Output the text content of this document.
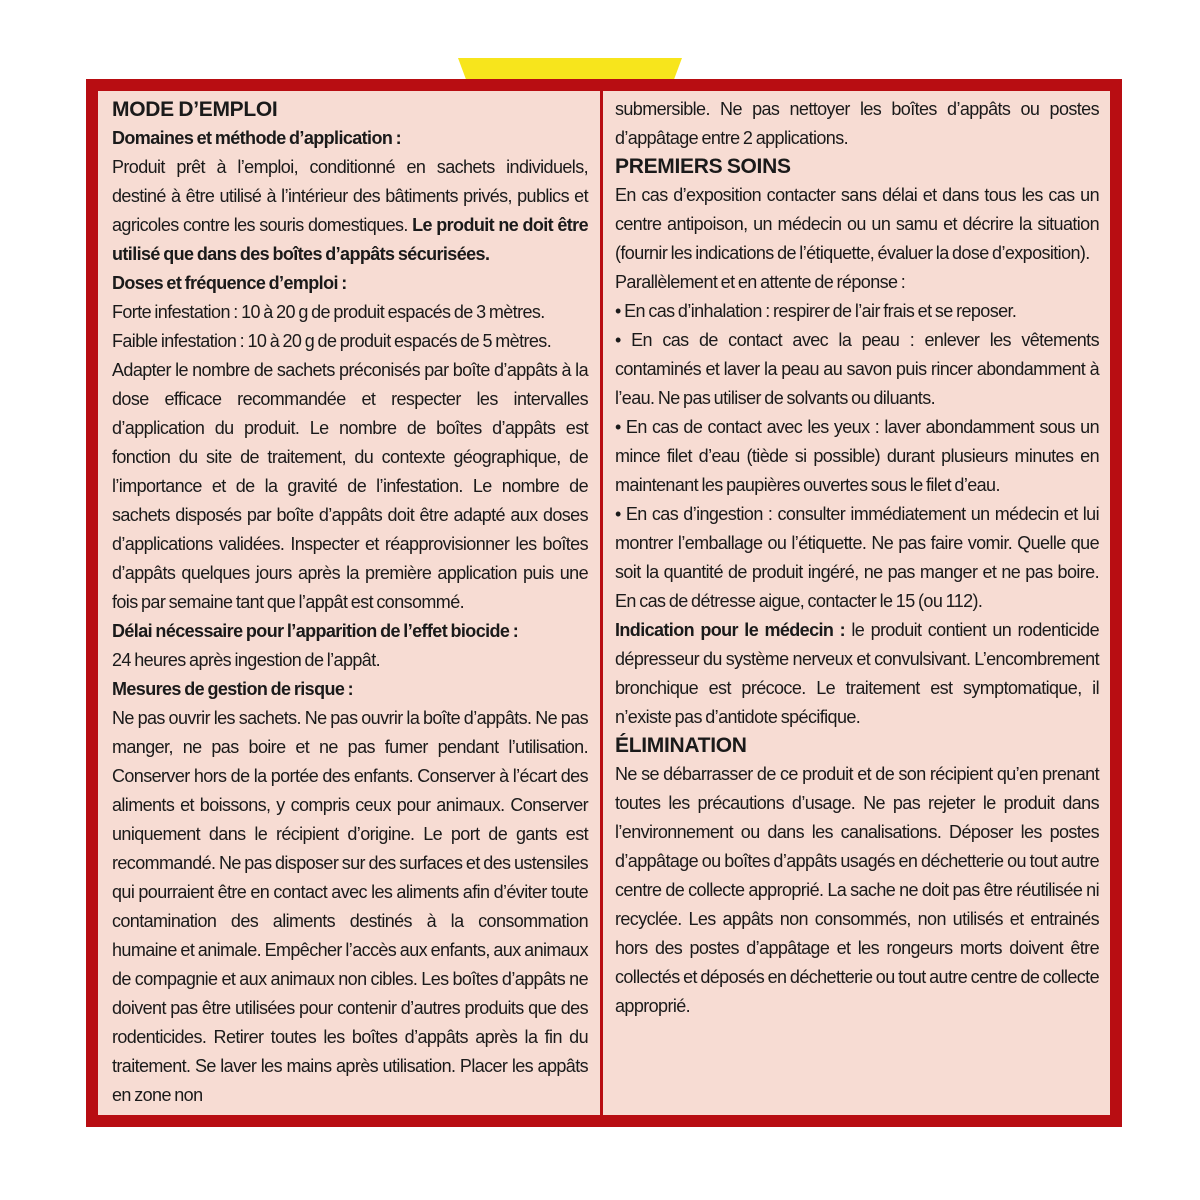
MODE D’EMPLOI

Domaines et méthode d’application :

Produit prêt à l’emploi, conditionné en sachets individuels, destiné à être utilisé à l’intérieur des bâtiments privés, publics et agricoles contre les souris domestiques. Le produit ne doit être utilisé que dans des boîtes d’appâts sécurisées.

Doses et fréquence d’emploi :

Forte infestation : 10 à 20 g de produit espacés de 3 mètres.

Faible infestation : 10 à 20 g de produit espacés de 5 mètres.

Adapter le nombre de sachets préconisés par boîte d’appâts à la dose efficace recommandée et respecter les intervalles d’application du produit. Le nombre de boîtes d’appâts est fonction du site de traitement, du contexte géographique, de l’importance et de la gravité de l’infestation. Le nombre de sachets disposés par boîte d’appâts doit être adapté aux doses d’applications validées. Inspecter et réapprovisionner les boîtes d’appâts quelques jours après la première application puis une fois par semaine tant que l’appât est consommé.

Délai nécessaire pour l’apparition de l’effet biocide :

24 heures après ingestion de l’appât.

Mesures de gestion de risque :

Ne pas ouvrir les sachets. Ne pas ouvrir la boîte d’appâts. Ne pas manger, ne pas boire et ne pas fumer pendant l’utilisation. Conserver hors de la portée des enfants. Conserver à l’écart des aliments et boissons, y compris ceux pour animaux. Conserver uniquement dans le récipient d’origine. Le port de gants est recommandé. Ne pas disposer sur des surfaces et des ustensiles qui pourraient être en contact avec les aliments afin d’éviter toute contamination des aliments destinés à la consommation humaine et animale. Empêcher l’accès aux enfants, aux animaux de compagnie et aux animaux non cibles. Les boîtes d’appâts ne doivent pas être utilisées pour contenir d’autres produits que des rodenticides. Retirer toutes les boîtes d’appâts après la fin du traitement. Se laver les mains après utilisation. Placer les appâts en zone non

submersible. Ne pas nettoyer les boîtes d’appâts ou postes d’appâtage entre 2 applications.

PREMIERS SOINS

En cas d’exposition contacter sans délai et dans tous les cas un centre antipoison, un médecin ou un samu et décrire la situation (fournir les indications de l’étiquette, évaluer la dose d’exposition).

Parallèlement et en attente de réponse :

• En cas d’inhalation : respirer de l’air frais et se reposer.

• En cas de contact avec la peau : enlever les vêtements contaminés et laver la peau au savon puis rincer abondamment à l’eau. Ne pas utiliser de solvants ou diluants.

• En cas de contact avec les yeux : laver abondamment sous un mince filet d’eau (tiède si possible) durant plusieurs minutes en maintenant les paupières ouvertes sous le filet d’eau.

• En cas d’ingestion : consulter immédiatement un médecin et lui montrer l’emballage ou l’étiquette. Ne pas faire vomir. Quelle que soit la quantité de produit ingéré, ne pas manger et ne pas boire. En cas de détresse aigue, contacter le 15 (ou 112).

Indication pour le médecin : le produit contient un rodenticide dépresseur du système nerveux et convulsivant. L’encombrement bronchique est précoce. Le traitement est symptomatique, il n’existe pas d’antidote spécifique.

ÉLIMINATION

Ne se débarrasser de ce produit et de son récipient qu’en prenant toutes les précautions d’usage. Ne pas rejeter le produit dans l’environnement ou dans les canalisations. Déposer les postes d’appâtage ou boîtes d’appâts usagés en déchetterie ou tout autre centre de collecte approprié. La sache ne doit pas être réutilisée ni recyclée. Les appâts non consommés, non utilisés et entrainés hors des postes d’appâtage et les rongeurs morts doivent être collectés et déposés en déchetterie ou tout autre centre de collecte approprié.
